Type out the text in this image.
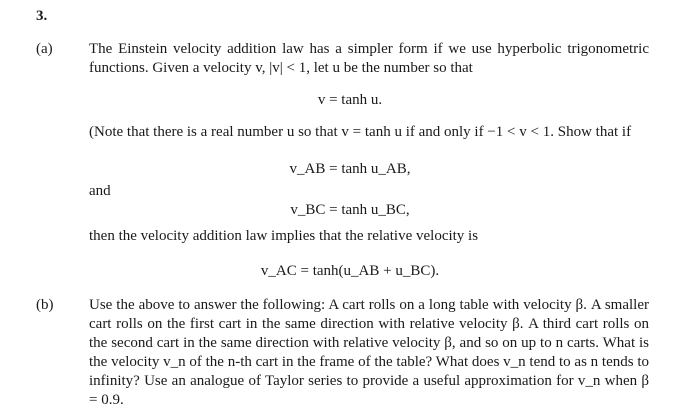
3.
(a) The Einstein velocity addition law has a simpler form if we use hyperbolic trigonometric functions. Given a velocity v, |v| < 1, let u be the number so that

v = tanh u.

(Note that there is a real number u so that v = tanh u if and only if −1 < v < 1. Show that if

v_AB = tanh u_AB,

and

v_BC = tanh u_BC,

then the velocity addition law implies that the relative velocity is

v_AC = tanh(u_AB + u_BC).
(b) Use the above to answer the following: A cart rolls on a long table with velocity β. A smaller cart rolls on the first cart in the same direction with relative velocity β. A third cart rolls on the second cart in the same direction with relative velocity β, and so on up to n carts. What is the velocity v_n of the n-th cart in the frame of the table? What does v_n tend to as n tends to infinity? Use an analogue of Taylor series to provide a useful approximation for v_n when β = 0.9.
